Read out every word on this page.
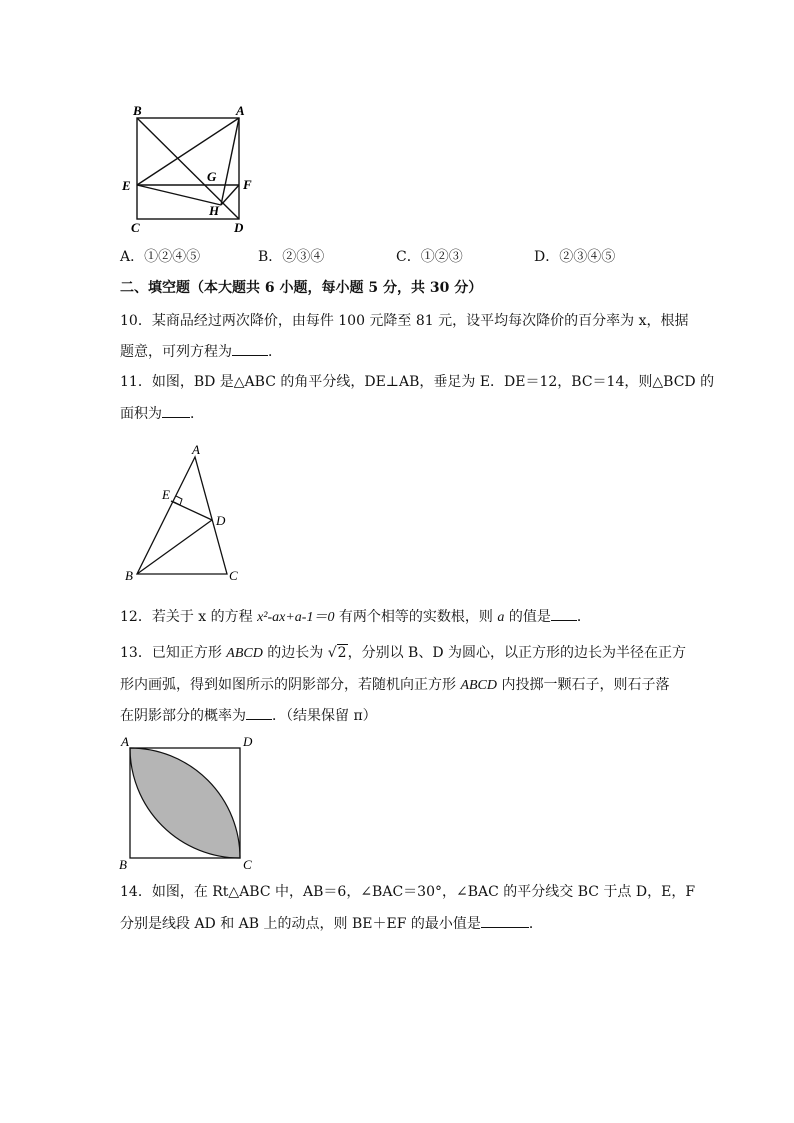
B	A
E
G
F
H
C	D
A．①②④⑤	B．②③④	C．①②③	D．②③④⑤
二、填空题（本大题共 6 小题，每小题 5 分，共 30 分）
10．某商品经过两次降价，由每件 100 元降至 81 元，设平均每次降价的百分率为 x，根据
题意，可列方程为	．
11．如图，BD 是△ABC 的角平分线，DE⊥AB，垂足为 E．DE＝12，BC＝14，则△BCD 的
面积为 ．
A
E
D
B	C
12．若关于 x 的方程 x²-ax+a-1＝0 有两个相等的实数根，则 a 的值是 ．
13．已知正方形 ABCD 的边长为 √2，分别以 B、D 为圆心，以正方形的边长为半径在正方
形内画弧，得到如图所示的阴影部分，若随机向正方形 ABCD 内投掷一颗石子，则石子落
在阴影部分的概率为 ．（结果保留 π）
A	D
B	C
14．如图，在 Rt△ABC 中，AB＝6，∠BAC＝30°，∠BAC 的平分线交 BC 于点 D，E，F
分别是线段 AD 和 AB 上的动点，则 BE＋EF 的最小值是	．
